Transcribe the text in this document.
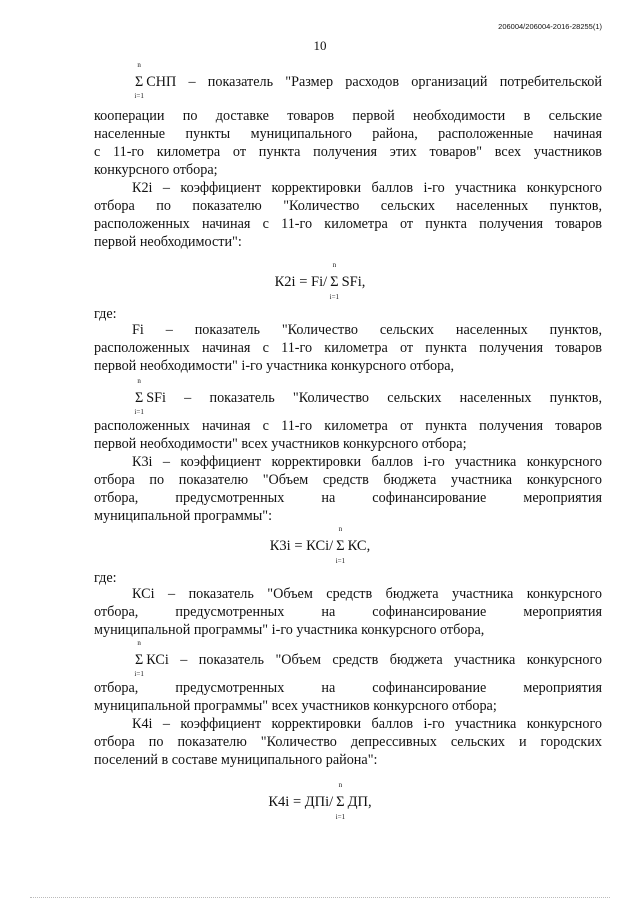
206004/206004-2016-28255(1)
10
n
Σ
i=1
СНП – показатель "Размер расходов организаций потребительской
кооперации по доставке товаров первой необходимости в сельские
населенные пункты муниципального района, расположенные начиная
с 11-го километра от пункта получения этих товаров" всех участников
конкурсного отбора;
К2i – коэффициент корректировки баллов i-го участника конкурсного
отбора по показателю "Количество сельских населенных пунктов,
расположенных начиная с 11-го километра от пункта получения товаров
первой необходимости":
К2i = Fi/
n
Σ
i=1
SFi,
где:
Fi – показатель "Количество сельских населенных пунктов,
расположенных начиная с 11-го километра от пункта получения товаров
первой необходимости" i-го участника конкурсного отбора,
n
Σ
i=1
SFi – показатель "Количество сельских населенных пунктов,
расположенных начиная с 11-го километра от пункта получения товаров
первой необходимости" всех участников конкурсного отбора;
К3i – коэффициент корректировки баллов i-го участника конкурсного
отбора по показателю "Объем средств бюджета участника конкурсного
отбора, предусмотренных на софинансирование мероприятия
муниципальной программы":
К3i = КСi/
n
Σ
i=1
КС,
где:
КСi – показатель "Объем средств бюджета участника конкурсного
отбора, предусмотренных на софинансирование мероприятия
муниципальной программы" i-го участника конкурсного отбора,
n
Σ
i=1
КСi – показатель "Объем средств бюджета участника конкурсного
отбора, предусмотренных на софинансирование мероприятия
муниципальной программы" всех участников конкурсного отбора;
К4i – коэффициент корректировки баллов i-го участника конкурсного
отбора по показателю "Количество депрессивных сельских и городских
поселений в составе муниципального района":
К4i = ДПi/
n
Σ
i=1
ДП,
